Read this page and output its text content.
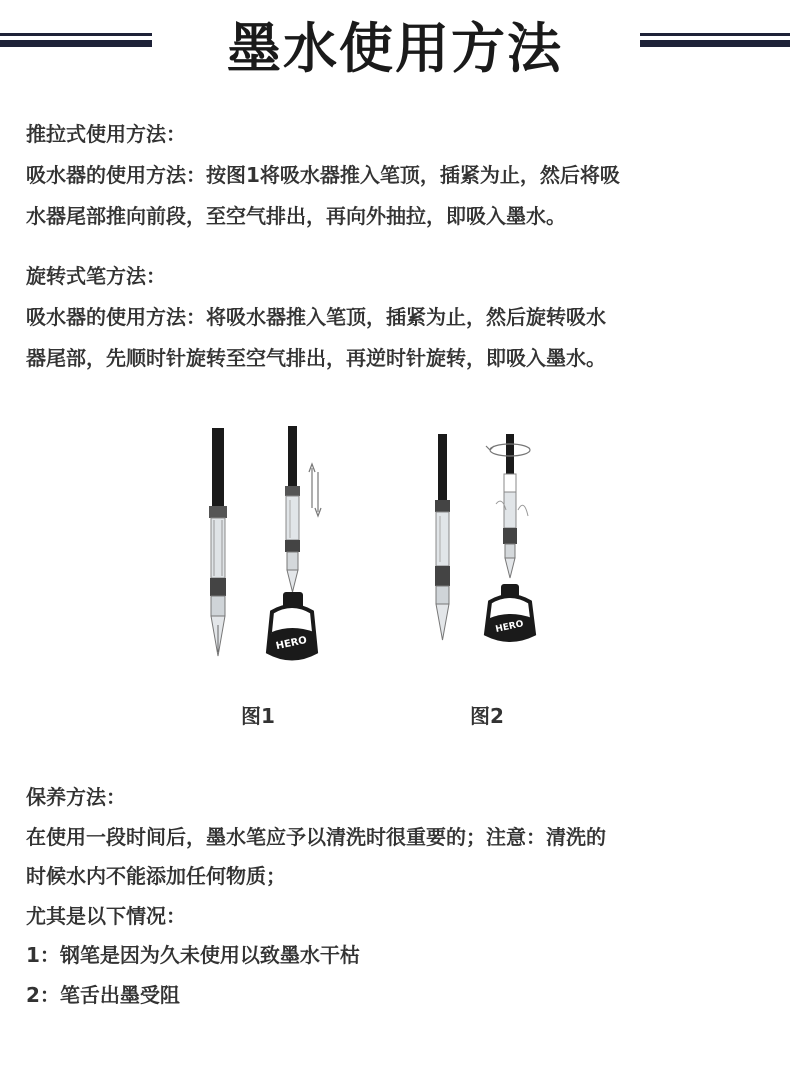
墨水使用方法

推拉式使用方法：

吸水器的使用方法：按图1将吸水器推入笔顶，插紧为止，然后将吸

水器尾部推向前段，至空气排出，再向外抽拉，即吸入墨水。

旋转式笔方法：

吸水器的使用方法：将吸水器推入笔顶，插紧为止，然后旋转吸水

器尾部，先顺时针旋转至空气排出，再逆时针旋转，即吸入墨水。

HERO
HERO
图1	图2

保养方法：

在使用一段时间后，墨水笔应予以清洗时很重要的；注意：清洗的

时候水内不能添加任何物质；

尤其是以下情况：

1：钢笔是因为久未使用以致墨水干枯

2：笔舌出墨受阻
